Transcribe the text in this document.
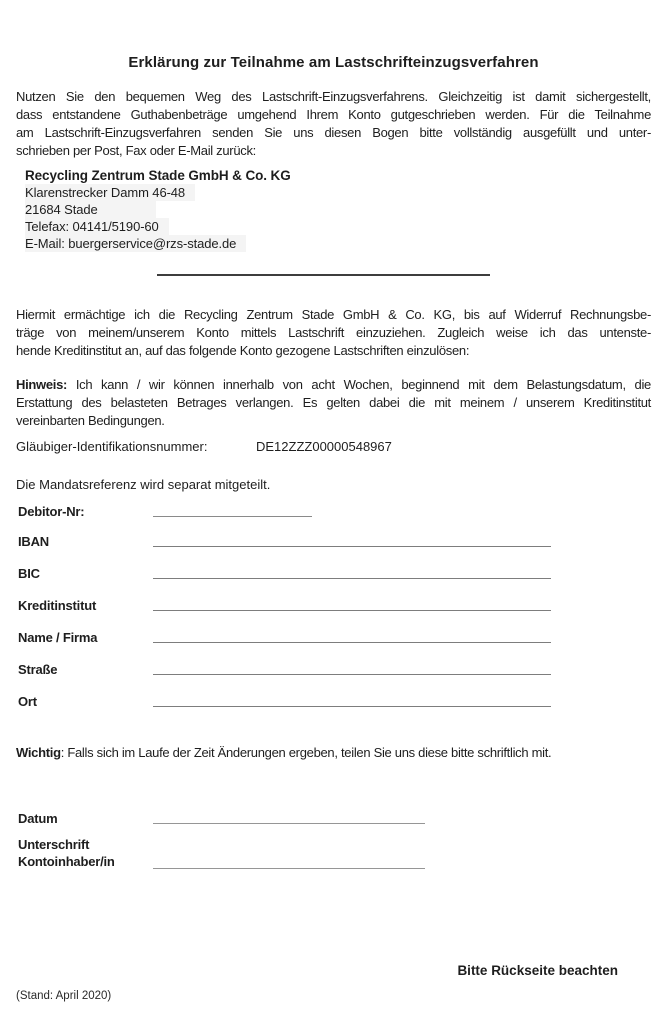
Erklärung zur Teilnahme am Lastschrifteinzugsverfahren
Nutzen Sie den bequemen Weg des Lastschrift-Einzugsverfahrens. Gleichzeitig ist damit sichergestellt,
dass entstandene Guthabenbeträge umgehend Ihrem Konto gutgeschrieben werden. Für die Teilnahme
am Lastschrift-Einzugsverfahren senden Sie uns diesen Bogen bitte vollständig ausgefüllt und unter-
schrieben per Post, Fax oder E-Mail zurück:
Recycling Zentrum Stade GmbH & Co. KG
Klarenstrecker Damm 46-48
21684 Stade
Telefax: 04141/5190-60
E-Mail: buergerservice@rzs-stade.de
Hiermit ermächtige ich die Recycling Zentrum Stade GmbH & Co. KG, bis auf Widerruf Rechnungsbe-
träge von meinem/unserem Konto mittels Lastschrift einzuziehen. Zugleich weise ich das untenste-
hende Kreditinstitut an, auf das folgende Konto gezogene Lastschriften einzulösen:
Hinweis: Ich kann / wir können innerhalb von acht Wochen, beginnend mit dem Belastungsdatum, die
Erstattung des belasteten Betrages verlangen. Es gelten dabei die mit meinem / unserem Kreditinstitut
vereinbarten Bedingungen.
Gläubiger-Identifikationsnummer:	DE12ZZZ00000548967
Die Mandatsreferenz wird separat mitgeteilt.
Debitor-Nr:
IBAN
BIC
Kreditinstitut
Name / Firma
Straße
Ort
Wichtig: Falls sich im Laufe der Zeit Änderungen ergeben, teilen Sie uns diese bitte schriftlich mit.
Datum
Unterschrift
Kontoinhaber/in
Bitte Rückseite beachten
(Stand: April 2020)
